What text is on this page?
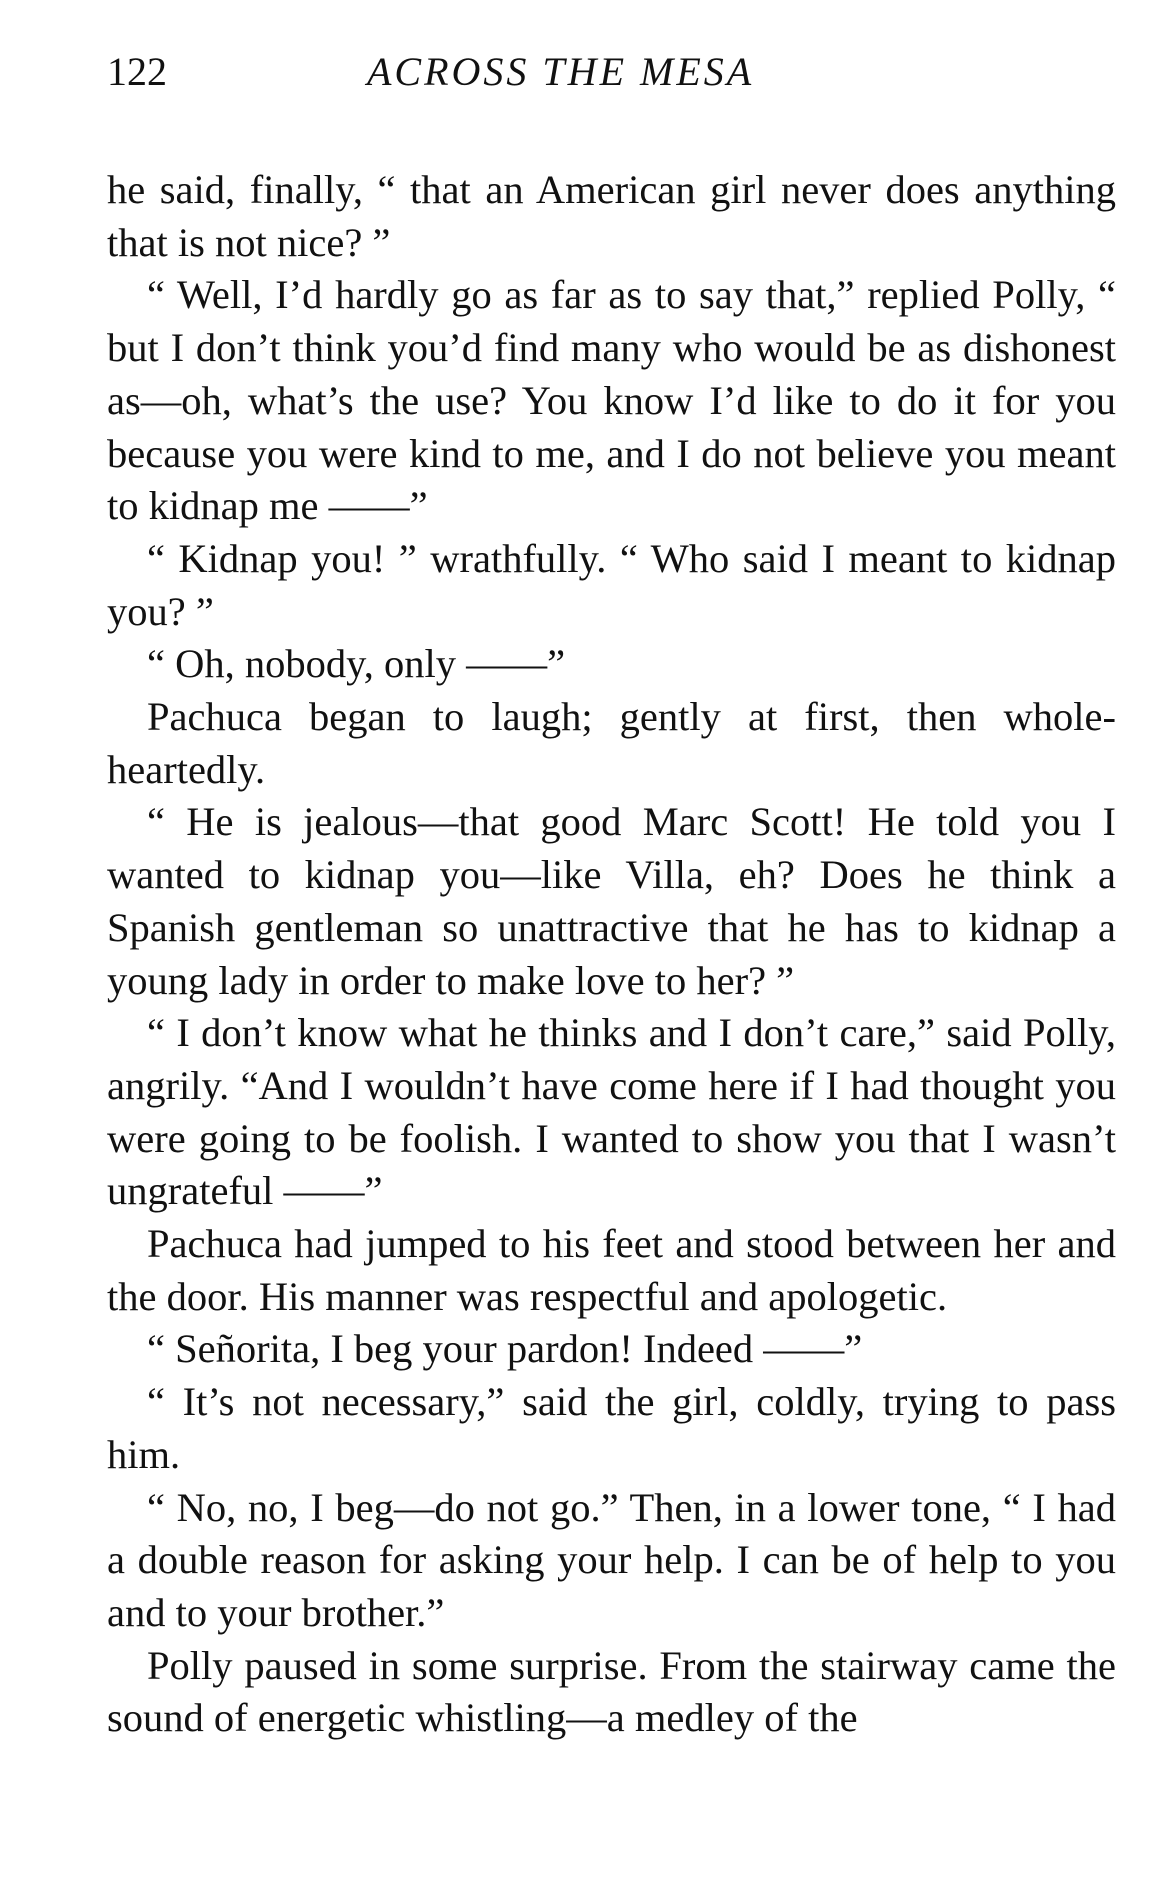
122	ACROSS THE MESA

he said, finally, “ that an American girl never does anything that is not nice? ”

“ Well, I’d hardly go as far as to say that,” replied Polly, “ but I don’t think you’d find many who would be as dishonest as—oh, what’s the use? You know I’d like to do it for you because you were kind to me, and I do not believe you meant to kidnap me ——”

“ Kidnap you! ” wrathfully. “ Who said I meant to kidnap you? ”

“ Oh, nobody, only ——”

Pachuca began to laugh; gently at first, then wholeheartedly.

“ He is jealous—that good Marc Scott! He told you I wanted to kidnap you—like Villa, eh? Does he think a Spanish gentleman so unattractive that he has to kidnap a young lady in order to make love to her? ”

“ I don’t know what he thinks and I don’t care,” said Polly, angrily. “And I wouldn’t have come here if I had thought you were going to be foolish. I wanted to show you that I wasn’t ungrateful ——”

Pachuca had jumped to his feet and stood between her and the door. His manner was respectful and apologetic.

“ Señorita, I beg your pardon! Indeed ——”

“ It’s not necessary,” said the girl, coldly, trying to pass him.

“ No, no, I beg—do not go.” Then, in a lower tone, “ I had a double reason for asking your help. I can be of help to you and to your brother.”

Polly paused in some surprise. From the stairway came the sound of energetic whistling—a medley of the
